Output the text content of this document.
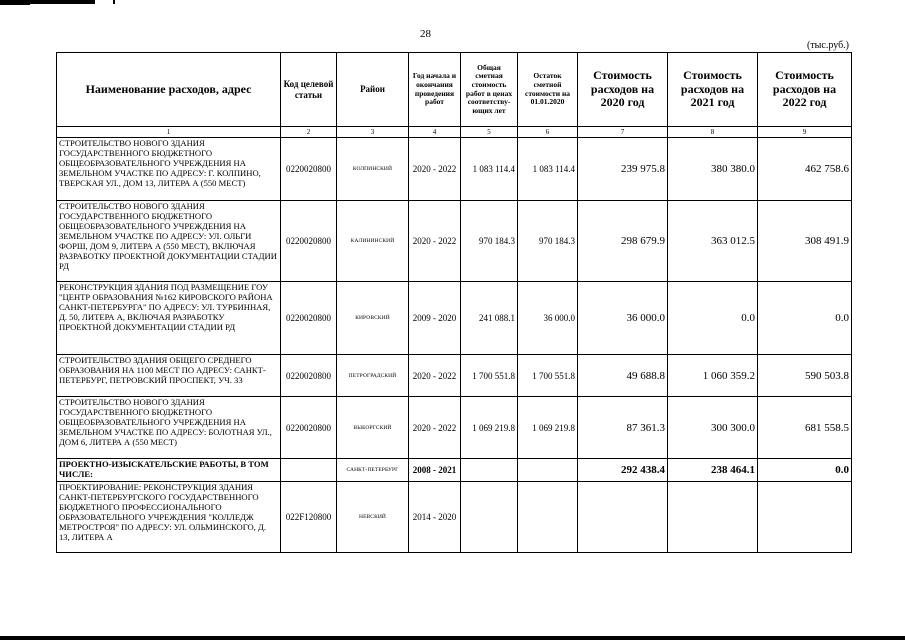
28
(тыс.руб.)
Наименование расходов, адрес	Код целевой статьи	Район	Год начала и окончания проведения работ	Общая сметная стоимость работ в ценах соответству-ющих лет	Остаток сметной стоимости на 01.01.2020	Стоимость расходов на 2020 год	Стоимость расходов на 2021 год	Стоимость расходов на 2022 год
1	2	3	4	5	6	7	8	9
СТРОИТЕЛЬСТВО НОВОГО ЗДАНИЯ ГОСУДАРСТВЕННОГО БЮДЖЕТНОГО ОБЩЕОБРАЗОВАТЕЛЬНОГО УЧРЕЖДЕНИЯ НА ЗЕМЕЛЬНОМ УЧАСТКЕ ПО АДРЕСУ: Г. КОЛПИНО, ТВЕРСКАЯ УЛ., ДОМ 13, ЛИТЕРА А (550 МЕСТ)	0220020800	КОЛПИНСКИЙ	2020 - 2022	1 083 114.4	1 083 114.4	239 975.8	380 380.0	462 758.6
СТРОИТЕЛЬСТВО НОВОГО ЗДАНИЯ ГОСУДАРСТВЕННОГО БЮДЖЕТНОГО ОБЩЕОБРАЗОВАТЕЛЬНОГО УЧРЕЖДЕНИЯ НА ЗЕМЕЛЬНОМ УЧАСТКЕ ПО АДРЕСУ: УЛ. ОЛЬГИ ФОРШ, ДОМ 9, ЛИТЕРА А (550 МЕСТ), ВКЛЮЧАЯ РАЗРАБОТКУ ПРОЕКТНОЙ ДОКУМЕНТАЦИИ СТАДИИ РД	0220020800	КАЛИНИНСКИЙ	2020 - 2022	970 184.3	970 184.3	298 679.9	363 012.5	308 491.9
РЕКОНСТРУКЦИЯ ЗДАНИЯ ПОД РАЗМЕЩЕНИЕ ГОУ "ЦЕНТР ОБРАЗОВАНИЯ №162 КИРОВСКОГО РАЙОНА САНКТ-ПЕТЕРБУРГА" ПО АДРЕСУ: УЛ. ТУРБИННАЯ, Д. 50, ЛИТЕРА А, ВКЛЮЧАЯ РАЗРАБОТКУ ПРОЕКТНОЙ ДОКУМЕНТАЦИИ СТАДИИ РД	0220020800	КИРОВСКИЙ	2009 - 2020	241 088.1	36 000.0	36 000.0	0.0	0.0
СТРОИТЕЛЬСТВО ЗДАНИЯ ОБЩЕГО СРЕДНЕГО ОБРАЗОВАНИЯ НА 1100 МЕСТ ПО АДРЕСУ: САНКТ-ПЕТЕРБУРГ, ПЕТРОВСКИЙ ПРОСПЕКТ, УЧ. 33	0220020800	ПЕТРОГРАДСКИЙ	2020 - 2022	1 700 551.8	1 700 551.8	49 688.8	1 060 359.2	590 503.8
СТРОИТЕЛЬСТВО НОВОГО ЗДАНИЯ ГОСУДАРСТВЕННОГО БЮДЖЕТНОГО ОБЩЕОБРАЗОВАТЕЛЬНОГО УЧРЕЖДЕНИЯ НА ЗЕМЕЛЬНОМ УЧАСТКЕ ПО АДРЕСУ: БОЛОТНАЯ УЛ., ДОМ 6, ЛИТЕРА А (550 МЕСТ)	0220020800	ВЫБОРГСКИЙ	2020 - 2022	1 069 219.8	1 069 219.8	87 361.3	300 300.0	681 558.5
ПРОЕКТНО-ИЗЫСКАТЕЛЬСКИЕ РАБОТЫ, В ТОМ ЧИСЛЕ:		САНКТ-ПЕТЕРБУРГ	2008 - 2021			292 438.4	238 464.1	0.0
ПРОЕКТИРОВАНИЕ: РЕКОНСТРУКЦИЯ ЗДАНИЯ САНКТ-ПЕТЕРБУРГСКОГО ГОСУДАРСТВЕННОГО БЮДЖЕТНОГО ПРОФЕССИОНАЛЬНОГО ОБРАЗОВАТЕЛЬНОГО УЧРЕЖДЕНИЯ "КОЛЛЕДЖ МЕТРОСТРОЯ" ПО АДРЕСУ: УЛ. ОЛЬМИНСКОГО, Д. 13, ЛИТЕРА А	022F120800	НЕВСКИЙ	2014 - 2020					
